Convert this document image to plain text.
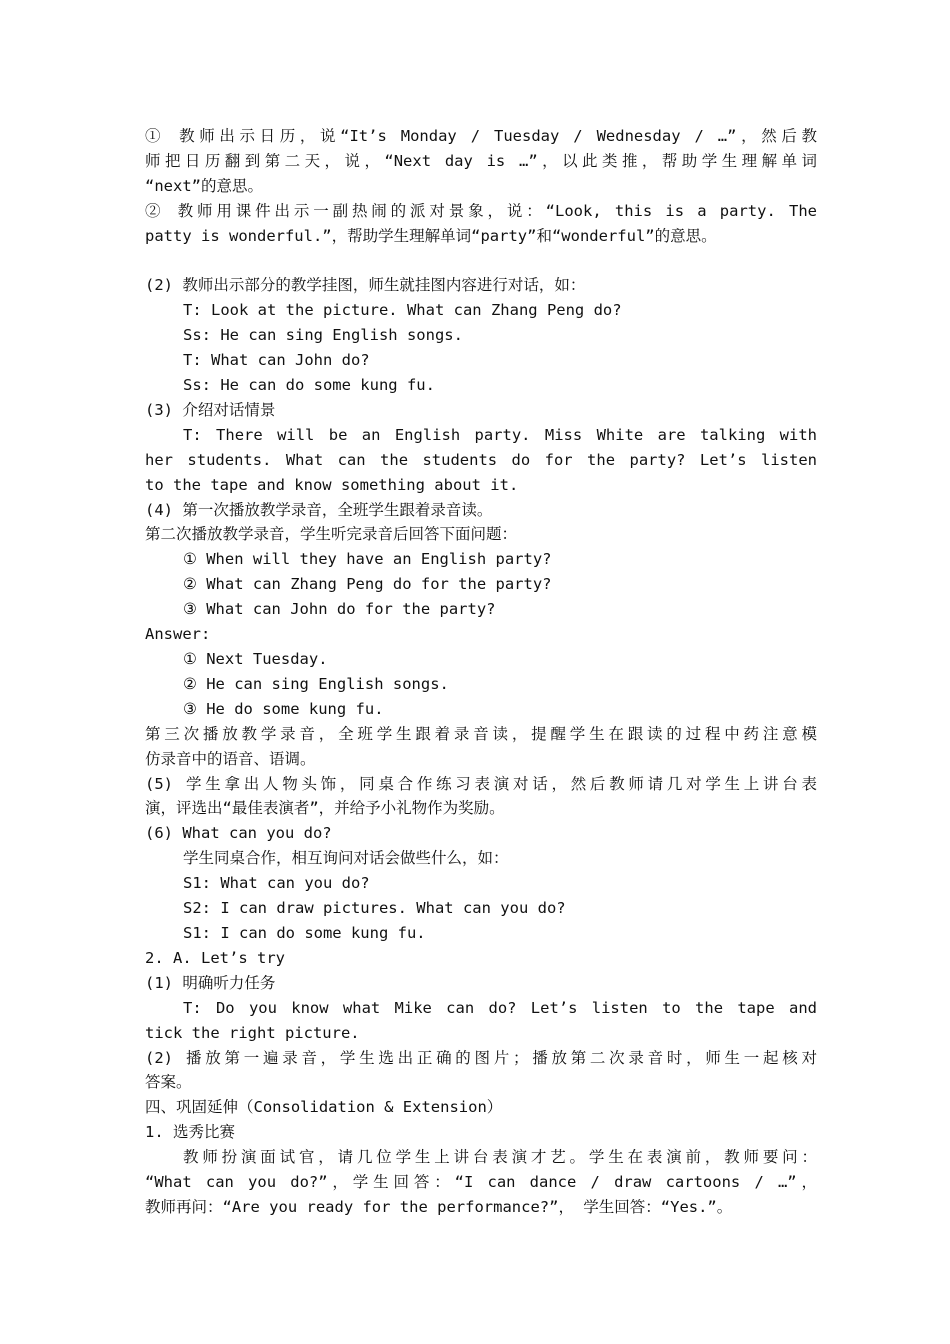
① 教师出示日历，说“It’s Monday / Tuesday / Wednesday / …”，然后教

师把日历翻到第二天，说，“Next day is …”，以此类推，帮助学生理解单词

“next”的意思。

② 教师用课件出示一副热闹的派对景象，说：“Look, this is a party. The

patty is wonderful.”，帮助学生理解单词“party”和“wonderful”的意思。

(2) 教师出示部分的教学挂图，师生就挂图内容进行对话，如：

T: Look at the picture. What can Zhang Peng do?

Ss: He can sing English songs.

T: What can John do?

Ss: He can do some kung fu.

(3) 介绍对话情景

T: There will be an English party. Miss White are talking with

her students. What can the students do for the party? Let’s listen

to the tape and know something about it.

(4) 第一次播放教学录音，全班学生跟着录音读。

第二次播放教学录音，学生听完录音后回答下面问题：

① When will they have an English party?

② What can Zhang Peng do for the party?

③ What can John do for the party?

Answer:

① Next Tuesday.

② He can sing English songs.

③ He do some kung fu.

第三次播放教学录音，全班学生跟着录音读，提醒学生在跟读的过程中药注意模

仿录音中的语音、语调。

(5) 学生拿出人物头饰，同桌合作练习表演对话，然后教师请几对学生上讲台表

演，评选出“最佳表演者”，并给予小礼物作为奖励。

(6) What can you do?

学生同桌合作，相互询问对话会做些什么，如：

S1: What can you do?

S2: I can draw pictures. What can you do?

S1: I can do some kung fu.

2. A. Let’s try

(1) 明确听力任务

T: Do you know what Mike can do? Let’s listen to the tape and

tick the right picture.

(2) 播放第一遍录音，学生选出正确的图片；播放第二次录音时，师生一起核对

答案。

四、巩固延伸（Consolidation & Extension）

1. 选秀比赛

教师扮演面试官，请几位学生上讲台表演才艺。学生在表演前，教师要问：

“What can you do?”，学生回答：“I can dance / draw cartoons / …”，

教师再问：“Are you ready for the performance?”， 学生回答：“Yes.”。
